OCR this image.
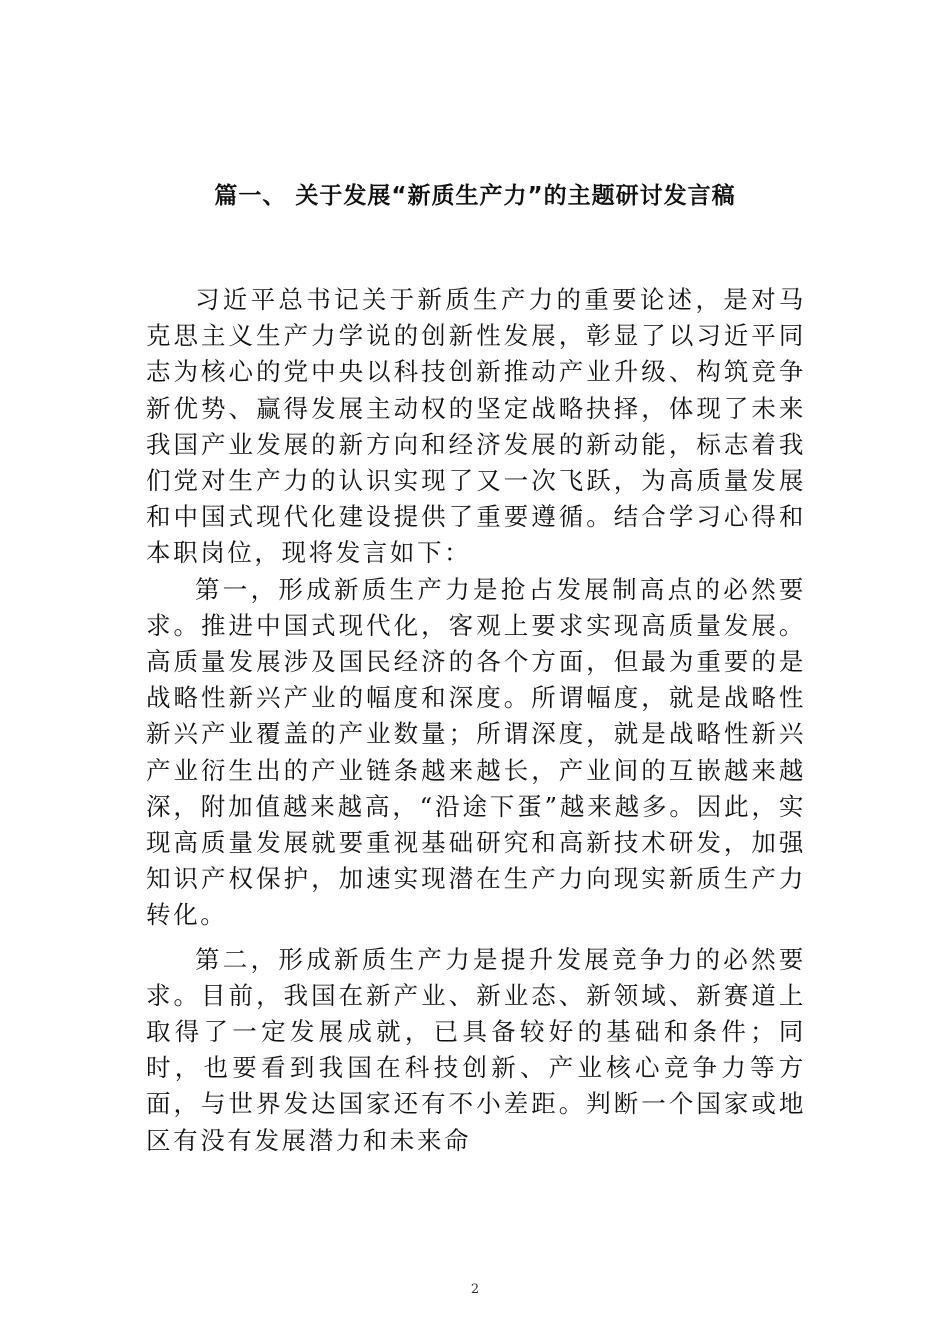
篇一、 关于发展“新质生产力”的主题研讨发言稿

习近平总书记关于新质生产力的重要论述，是对马克思主义生产力学说的创新性发展，彰显了以习近平同志为核心的党中央以科技创新推动产业升级、构筑竞争新优势、赢得发展主动权的坚定战略抉择，体现了未来我国产业发展的新方向和经济发展的新动能，标志着我们党对生产力的认识实现了又一次飞跃，为高质量发展和中国式现代化建设提供了重要遵循。结合学习心得和本职岗位，现将发言如下：

第一，形成新质生产力是抢占发展制高点的必然要求。推进中国式现代化，客观上要求实现高质量发展。高质量发展涉及国民经济的各个方面，但最为重要的是战略性新兴产业的幅度和深度。所谓幅度，就是战略性新兴产业覆盖的产业数量；所谓深度，就是战略性新兴产业衍生出的产业链条越来越长，产业间的互嵌越来越深，附加值越来越高，“沿途下蛋”越来越多。因此，实现高质量发展就要重视基础研究和高新技术研发，加强知识产权保护，加速实现潜在生产力向现实新质生产力转化。

第二，形成新质生产力是提升发展竞争力的必然要求。目前，我国在新产业、新业态、新领域、新赛道上取得了一定发展成就，已具备较好的基础和条件；同时，也要看到我国在科技创新、产业核心竞争力等方面，与世界发达国家还有不小差距。判断一个国家或地区有没有发展潜力和未来命

2
